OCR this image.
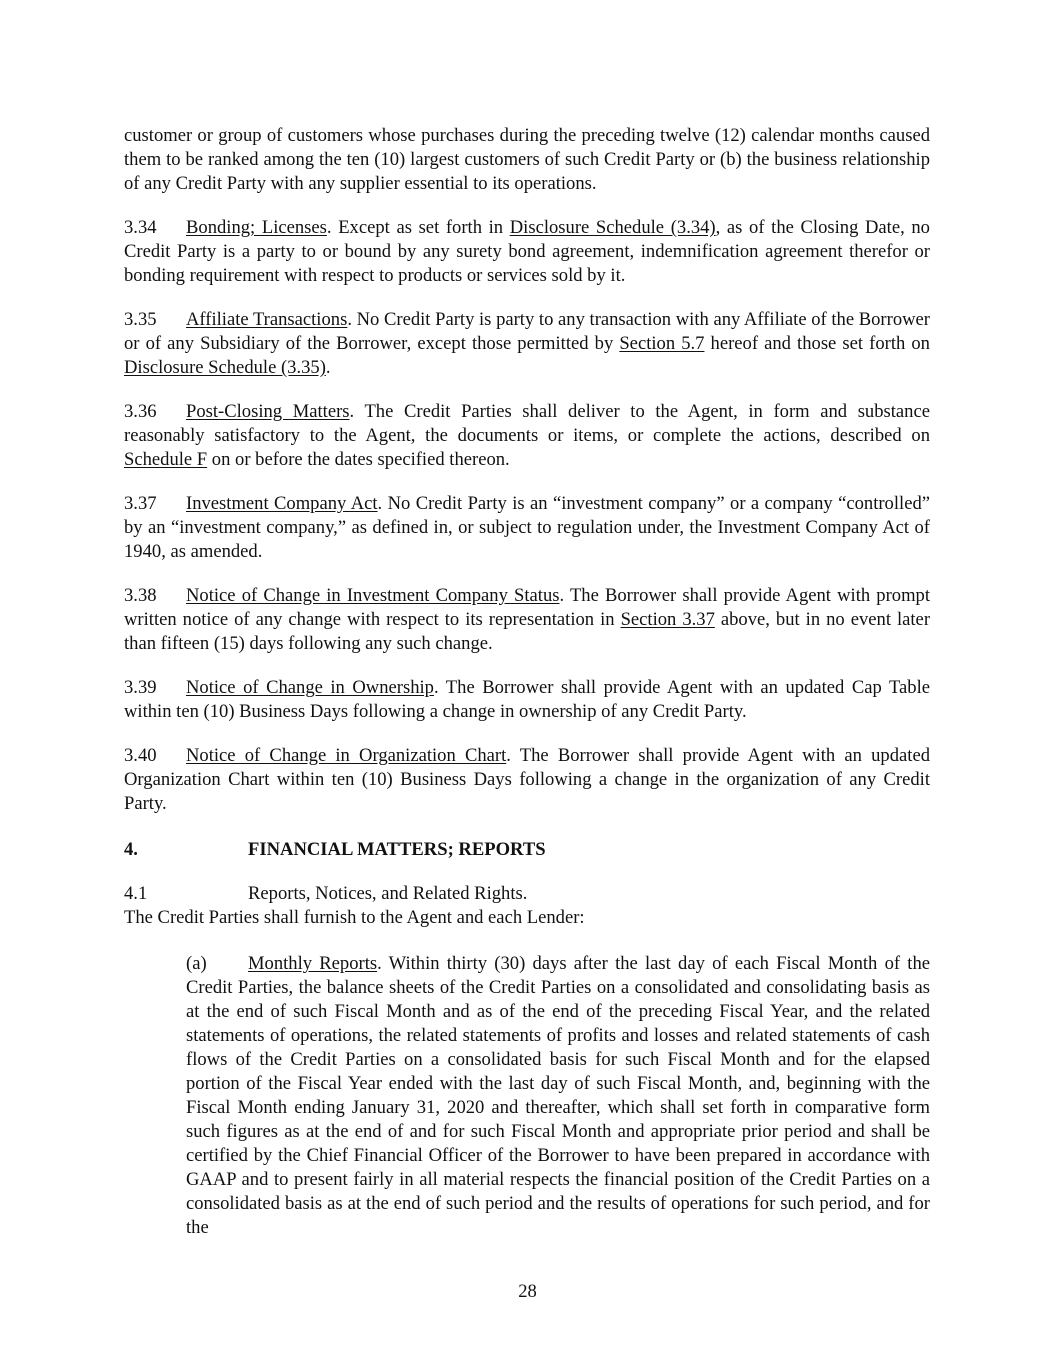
customer or group of customers whose purchases during the preceding twelve (12) calendar months caused them to be ranked among the ten (10) largest customers of such Credit Party or (b) the business relationship of any Credit Party with any supplier essential to its operations.

3.34 Bonding; Licenses. Except as set forth in Disclosure Schedule (3.34), as of the Closing Date, no Credit Party is a party to or bound by any surety bond agreement, indemnification agreement therefor or bonding requirement with respect to products or services sold by it.

3.35 Affiliate Transactions. No Credit Party is party to any transaction with any Affiliate of the Borrower or of any Subsidiary of the Borrower, except those permitted by Section 5.7 hereof and those set forth on Disclosure Schedule (3.35).

3.36 Post-Closing Matters. The Credit Parties shall deliver to the Agent, in form and substance reasonably satisfactory to the Agent, the documents or items, or complete the actions, described on Schedule F on or before the dates specified thereon.

3.37 Investment Company Act. No Credit Party is an “investment company” or a company “controlled” by an “investment company,” as defined in, or subject to regulation under, the Investment Company Act of 1940, as amended.

3.38 Notice of Change in Investment Company Status. The Borrower shall provide Agent with prompt written notice of any change with respect to its representation in Section 3.37 above, but in no event later than fifteen (15) days following any such change.

3.39 Notice of Change in Ownership. The Borrower shall provide Agent with an updated Cap Table within ten (10) Business Days following a change in ownership of any Credit Party.

3.40 Notice of Change in Organization Chart. The Borrower shall provide Agent with an updated Organization Chart within ten (10) Business Days following a change in the organization of any Credit Party.

4.	FINANCIAL MATTERS; REPORTS

4.1	Reports, Notices, and Related Rights.

The Credit Parties shall furnish to the Agent and each Lender:

(a) Monthly Reports. Within thirty (30) days after the last day of each Fiscal Month of the Credit Parties, the balance sheets of the Credit Parties on a consolidated and consolidating basis as at the end of such Fiscal Month and as of the end of the preceding Fiscal Year, and the related statements of operations, the related statements of profits and losses and related statements of cash flows of the Credit Parties on a consolidated basis for such Fiscal Month and for the elapsed portion of the Fiscal Year ended with the last day of such Fiscal Month, and, beginning with the Fiscal Month ending January 31, 2020 and thereafter, which shall set forth in comparative form such figures as at the end of and for such Fiscal Month and appropriate prior period and shall be certified by the Chief Financial Officer of the Borrower to have been prepared in accordance with GAAP and to present fairly in all material respects the financial position of the Credit Parties on a consolidated basis as at the end of such period and the results of operations for such period, and for the

28
